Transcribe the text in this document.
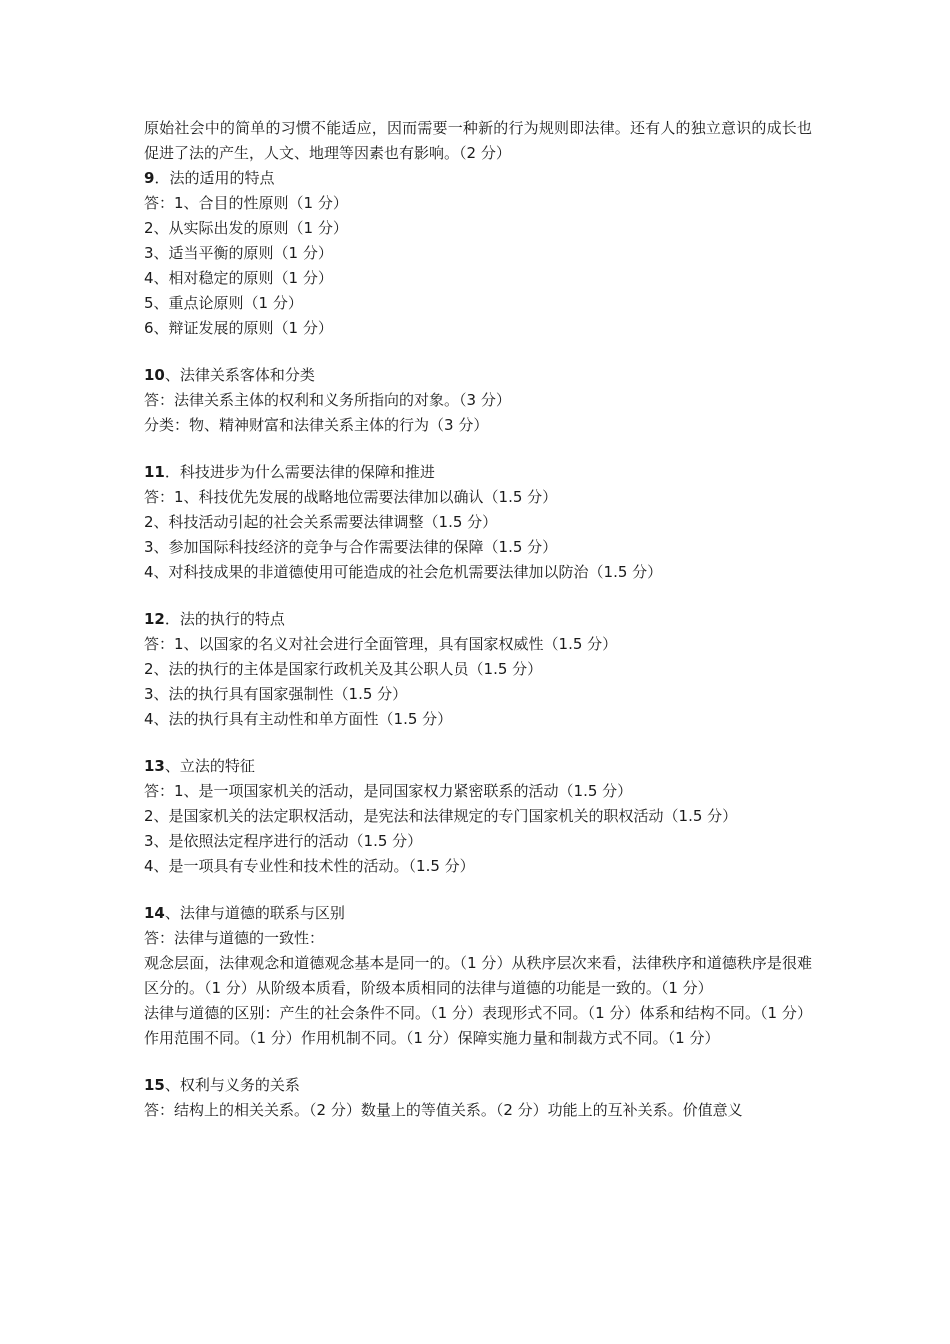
原始社会中的简单的习惯不能适应，因而需要一种新的行为规则即法律。还有人的独立意识的成长也促进了法的产生，人文、地理等因素也有影响。（2 分）

9．法的适用的特点

答：1、合目的性原则（1 分）

2、从实际出发的原则（1 分）

3、适当平衡的原则（1 分）

4、相对稳定的原则（1 分）

5、重点论原则（1 分）

6、辩证发展的原则（1 分）

10、法律关系客体和分类

答：法律关系主体的权利和义务所指向的对象。（3 分）

分类：物、精神财富和法律关系主体的行为（3 分）

11．科技进步为什么需要法律的保障和推进

答：1、科技优先发展的战略地位需要法律加以确认（1.5 分）

2、科技活动引起的社会关系需要法律调整（1.5 分）

3、参加国际科技经济的竞争与合作需要法律的保障（1.5 分）

4、对科技成果的非道德使用可能造成的社会危机需要法律加以防治（1.5 分）

12．法的执行的特点

答：1、以国家的名义对社会进行全面管理，具有国家权威性（1.5 分）

2、法的执行的主体是国家行政机关及其公职人员（1.5 分）

3、法的执行具有国家强制性（1.5 分）

4、法的执行具有主动性和单方面性（1.5 分）

13、立法的特征

答：1、是一项国家机关的活动，是同国家权力紧密联系的活动（1.5 分）

2、是国家机关的法定职权活动，是宪法和法律规定的专门国家机关的职权活动（1.5 分）

3、是依照法定程序进行的活动（1.5 分）

4、是一项具有专业性和技术性的活动。（1.5 分）

14、法律与道德的联系与区别

答：法律与道德的一致性：

观念层面，法律观念和道德观念基本是同一的。（1 分）从秩序层次来看，法律秩序和道德秩序是很难区分的。（1 分）从阶级本质看，阶级本质相同的法律与道德的功能是一致的。（1 分）

法律与道德的区别：产生的社会条件不同。（1 分）表现形式不同。（1 分）体系和结构不同。（1 分）作用范围不同。（1 分）作用机制不同。（1 分）保障实施力量和制裁方式不同。（1 分）

15、权利与义务的关系

答：结构上的相关关系。（2 分）数量上的等值关系。（2 分）功能上的互补关系。价值意义
